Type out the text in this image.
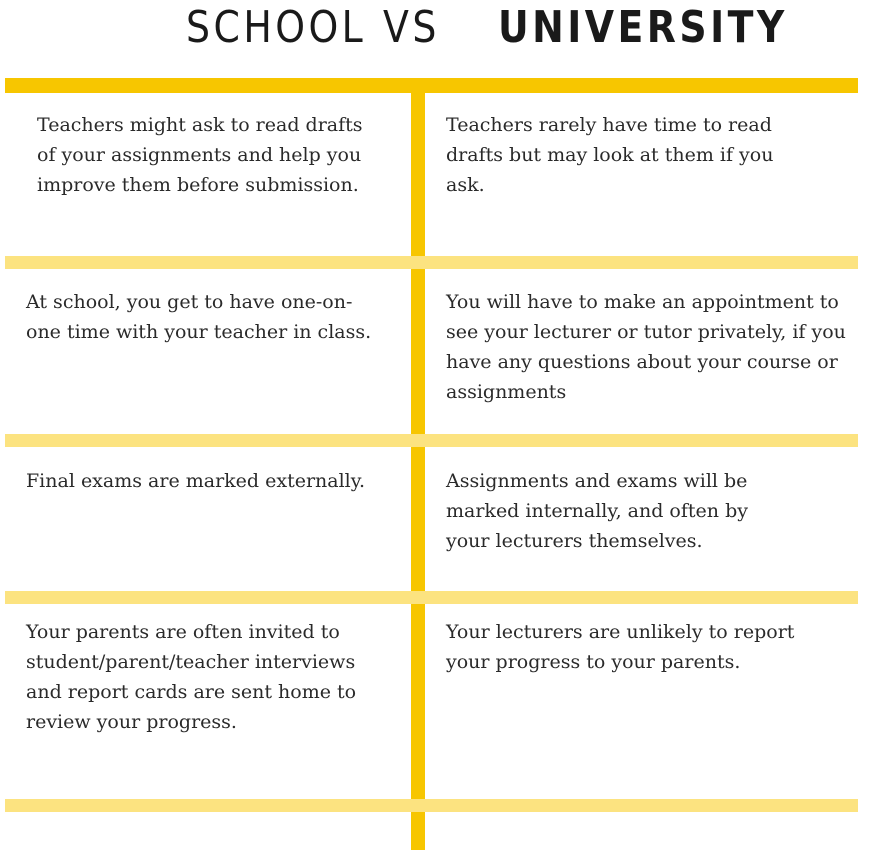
SCHOOL VS UNIVERSITY

Teachers might ask to read drafts of your assignments and help you improve them before submission.

Teachers rarely have time to read drafts but may look at them if you ask.

At school, you get to have one-on-one time with your teacher in class.

You will have to make an appointment to see your lecturer or tutor privately, if you have any questions about your course or assignments

Final exams are marked externally.	Assignments and exams will be marked internally, and often by your lecturers themselves.

Your parents are often invited to student/parent/teacher interviews and report cards are sent home to review your progress.

Your lecturers are unlikely to report your progress to your parents.
